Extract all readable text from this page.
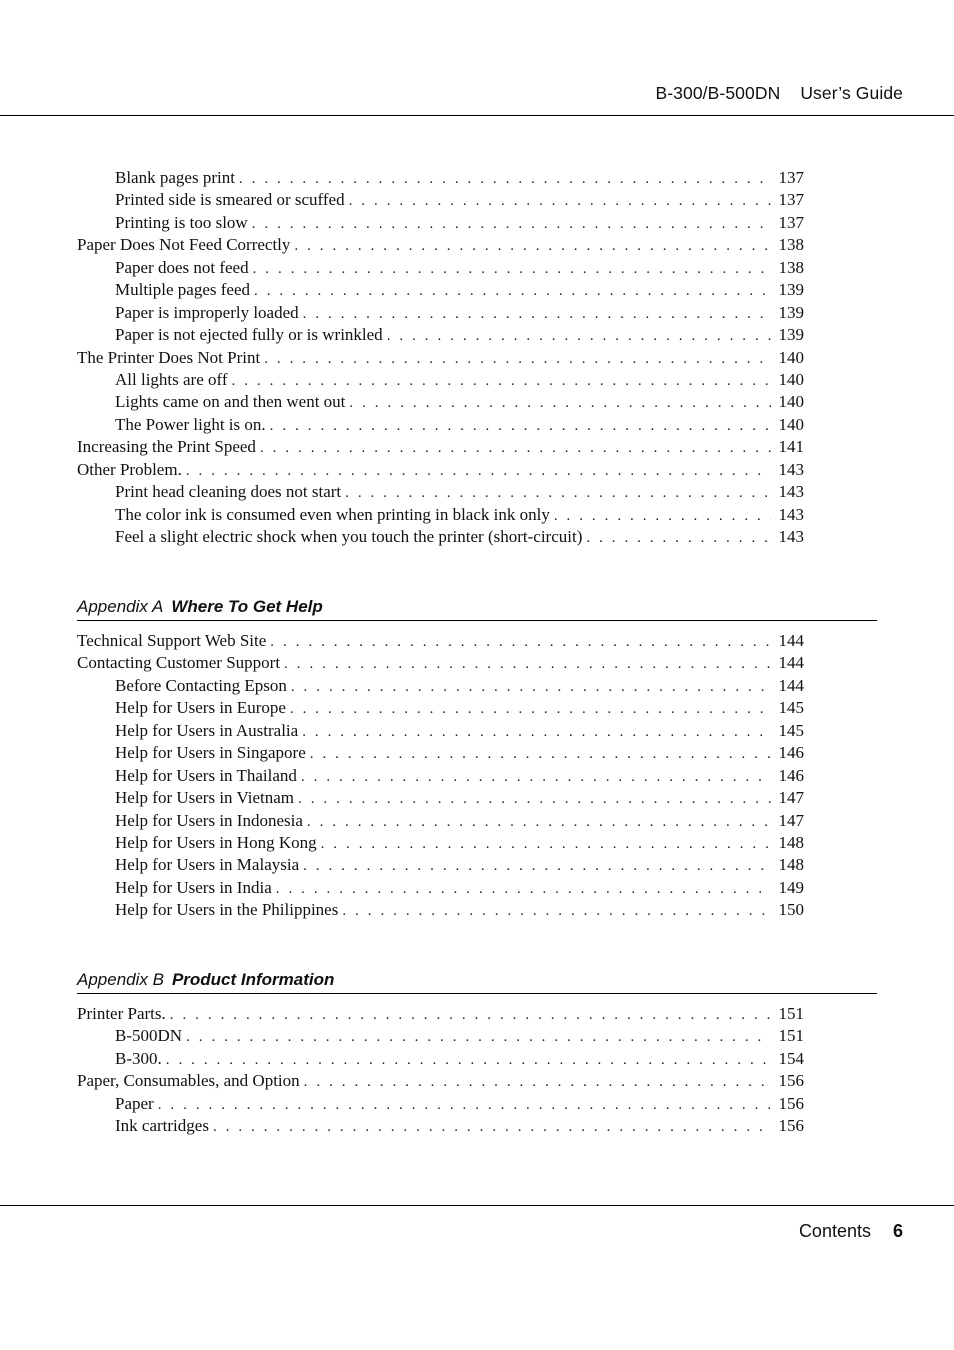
B-300/B-500DN User’s Guide
Blank pages print . . .	137
Printed side is smeared or scuffed . . .	137
Printing is too slow . . .	137
Paper Does Not Feed Correctly . . .	138
Paper does not feed . . .	138
Multiple pages feed . . .	139
Paper is improperly loaded . . .	139
Paper is not ejected fully or is wrinkled . . .	139
The Printer Does Not Print . . .	140
All lights are off . . .	140
Lights came on and then went out . . .	140
The Power light is on. . . .	140
Increasing the Print Speed . . .	141
Other Problem. . . .	143
Print head cleaning does not start . . .	143
The color ink is consumed even when printing in black ink only . . .	143
Feel a slight electric shock when you touch the printer (short-circuit) . . .	143
Appendix A Where To Get Help
Technical Support Web Site . . .	144
Contacting Customer Support . . .	144
Before Contacting Epson . . .	144
Help for Users in Europe . . .	145
Help for Users in Australia . . .	145
Help for Users in Singapore . . .	146
Help for Users in Thailand . . .	146
Help for Users in Vietnam . . .	147
Help for Users in Indonesia . . .	147
Help for Users in Hong Kong . . .	148
Help for Users in Malaysia . . .	148
Help for Users in India . . .	149
Help for Users in the Philippines . . .	150
Appendix B Product Information
Printer Parts. . . .	151
B-500DN . . .	151
B-300. . . .	154
Paper, Consumables, and Option . . .	156
Paper . . .	156
Ink cartridges . . .	156
Contents 6
